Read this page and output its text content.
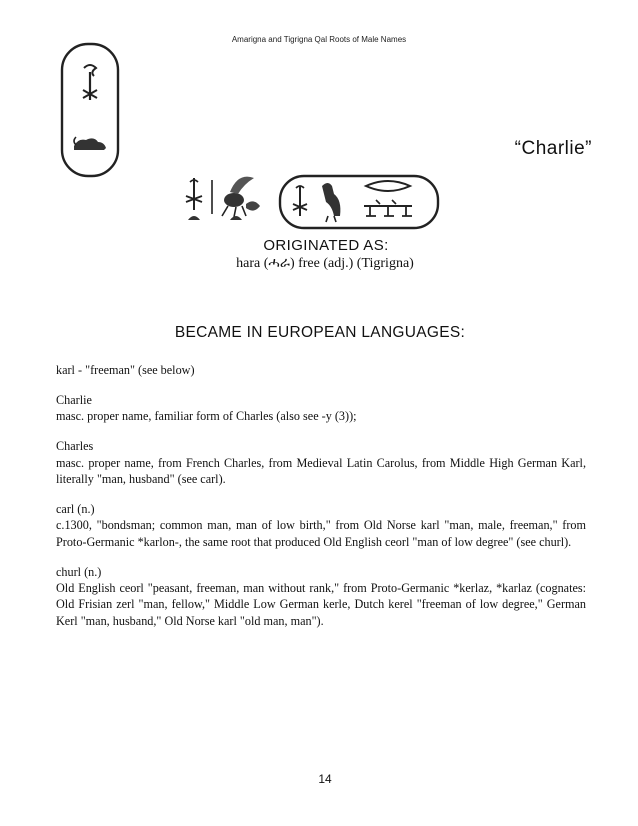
Amarigna and Tigrigna Qal Roots of Male Names
“Charlie”
ORIGINATED AS:
hara (ሓራ) free (adj.) (Tigrigna)
BECAME IN EUROPEAN LANGUAGES:
karl - "freeman" (see below)
Charlie
masc. proper name, familiar form of Charles (also see -y (3));
Charles
masc. proper name, from French Charles, from Medieval Latin Carolus, from Middle High German Karl, literally "man, husband" (see carl).
carl (n.)
c.1300, "bondsman; common man, man of low birth," from Old Norse karl "man, male, freeman," from Proto-Germanic *karlon-, the same root that produced Old English ceorl "man of low degree" (see churl).
churl (n.)
Old English ceorl "peasant, freeman, man without rank," from Proto-Germanic *kerlaz, *karlaz (cognates: Old Frisian zerl "man, fellow," Middle Low German kerle, Dutch kerel "freeman of low degree," German Kerl "man, husband," Old Norse karl "old man, man").
14
